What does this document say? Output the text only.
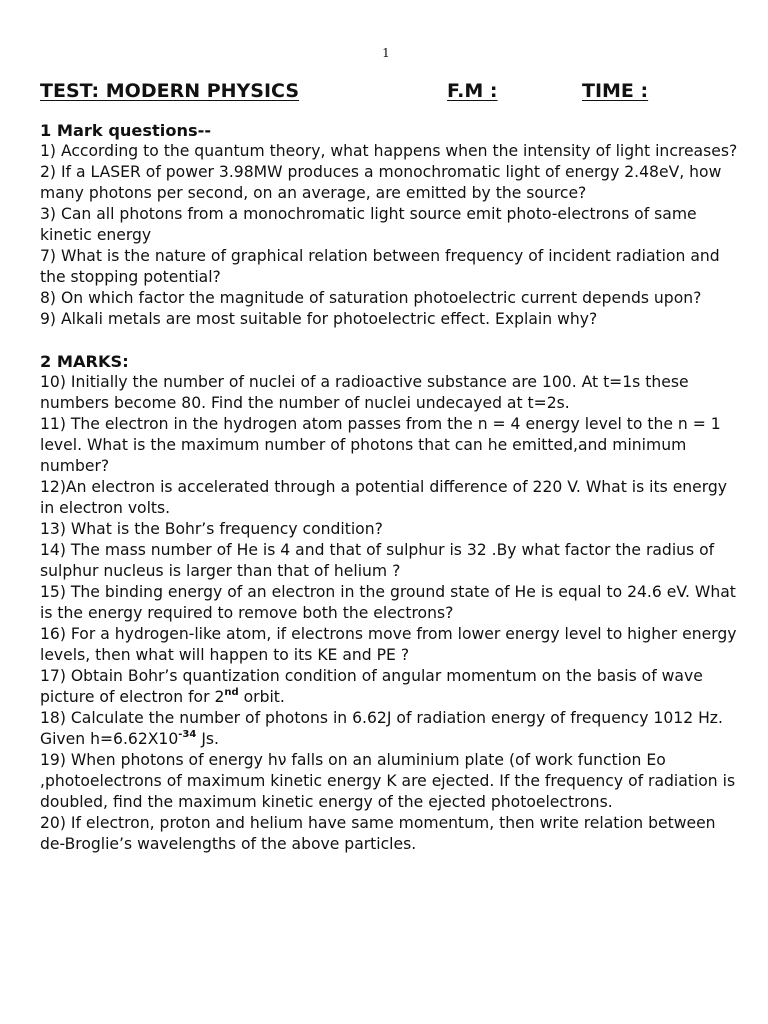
1
TEST: MODERN PHYSICS	F.M :	TIME :
1 Mark questions--

1) According to the quantum theory, what happens when the intensity of light increases?

2) If a LASER of power 3.98MW produces a monochromatic light of energy 2.48eV, how many photons per second, on an average, are emitted by the source?

3) Can all photons from a monochromatic light source emit photo-electrons of same kinetic energy

7) What is the nature of graphical relation between frequency of incident radiation and the stopping potential?

8) On which factor the magnitude of saturation photoelectric current depends upon?

9) Alkali metals are most suitable for photoelectric effect. Explain why?

2 MARKS:

10) Initially the number of nuclei of a radioactive substance are 100. At t=1s these numbers become 80. Find the number of nuclei undecayed at t=2s.

11) The electron in the hydrogen atom passes from the n = 4 energy level to the n = 1 level. What is the maximum number of photons that can he emitted,and minimum number?

12)An electron is accelerated through a potential difference of 220 V. What is its energy in electron volts.

13) What is the Bohr’s frequency condition?

14) The mass number of He is 4 and that of sulphur is 32 .By what factor the radius of sulphur nucleus is larger than that of helium ?

15) The binding energy of an electron in the ground state of He is equal to 24.6 eV. What is the energy required to remove both the electrons?

16) For a hydrogen-like atom, if electrons move from lower energy level to higher energy levels, then what will happen to its KE and PE ?

17) Obtain Bohr’s quantization condition of angular momentum on the basis of wave picture of electron for 2nd orbit.

18) Calculate the number of photons in 6.62J of radiation energy of frequency 1012 Hz. Given $h=6.62X10^{-34}$ Js.

19) When photons of energy hν falls on an aluminium plate (of work function Eo ,photoelectrons of maximum kinetic energy K are ejected. If the frequency of radiation is doubled, find the maximum kinetic energy of the ejected photoelectrons.

20) If electron, proton and helium have same momentum, then write relation between de-Broglie’s wavelengths of the above particles.
